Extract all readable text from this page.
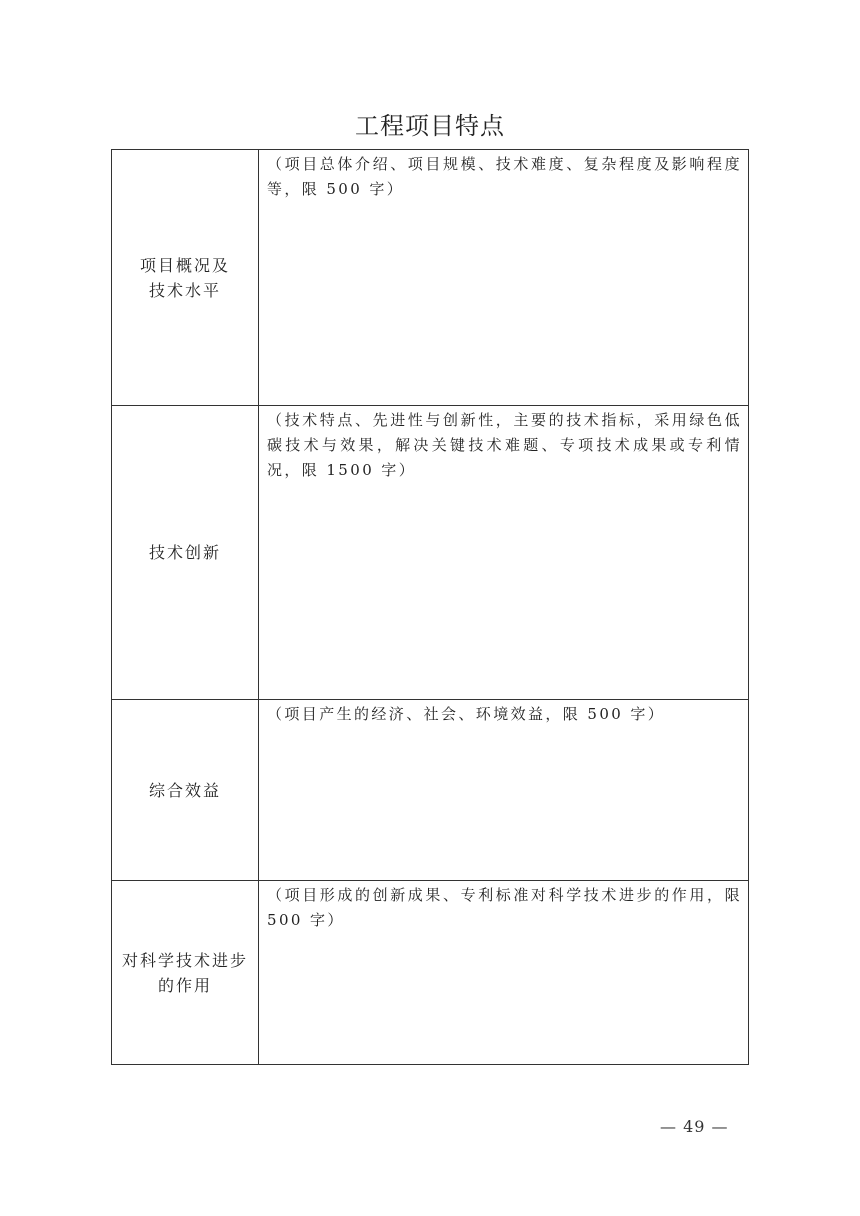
工程项目特点
项目概况及
技术水平	（项目总体介绍、项目规模、技术难度、复杂程度及影响程度等，限 500 字）

技术创新	（技术特点、先进性与创新性，主要的技术指标，采用绿色低碳技术与效果，解决关键技术难题、专项技术成果或专利情况，限 1500 字）

综合效益	（项目产生的经济、社会、环境效益，限 500 字）

对科学技术进步
的作用	（项目形成的创新成果、专利标准对科学技术进步的作用，限 500 字）
— 49 —
